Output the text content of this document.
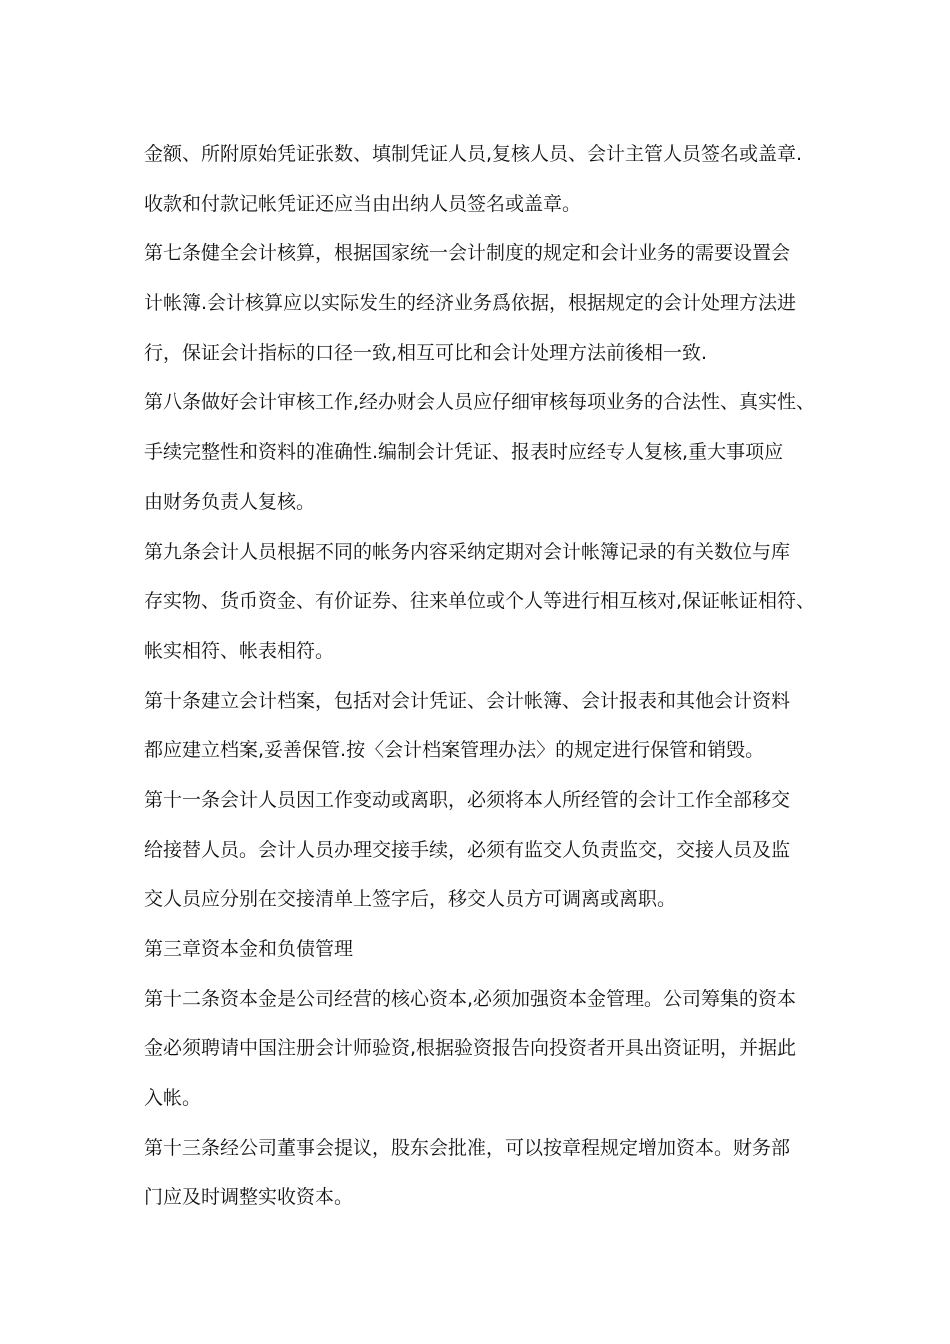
金额、所附原始凭证张数、填制凭证人员,复核人员、会计主管人员签名或盖章.
收款和付款记帐凭证还应当由出纳人员签名或盖章。
第七条健全会计核算，根据国家统一会计制度的规定和会计业务的需要设置会
计帐簿.会计核算应以实际发生的经济业务爲依据，根据规定的会计处理方法进
行，保证会计指标的口径一致,相互可比和会计处理方法前後相一致.
第八条做好会计审核工作,经办财会人员应仔细审核每项业务的合法性、真实性、
手续完整性和资料的准确性.编制会计凭证、报表时应经专人复核,重大事项应
由财务负责人复核。
第九条会计人员根据不同的帐务内容采纳定期对会计帐簿记录的有关数位与库
存实物、货币资金、有价证券、往来单位或个人等进行相互核对,保证帐证相符、
帐实相符、帐表相符。
第十条建立会计档案，包括对会计凭证、会计帐簿、会计报表和其他会计资料
都应建立档案,妥善保管.按〈会计档案管理办法〉的规定进行保管和销毁。
第十一条会计人员因工作变动或离职，必须将本人所经管的会计工作全部移交
给接替人员。会计人员办理交接手续，必须有监交人负责监交，交接人员及监
交人员应分别在交接清单上签字后，移交人员方可调离或离职。
第三章资本金和负债管理
第十二条资本金是公司经营的核心资本,必须加强资本金管理。公司筹集的资本
金必须聘请中国注册会计师验资,根据验资报告向投资者开具出资证明，并据此
入帐。
第十三条经公司董事会提议，股东会批准，可以按章程规定增加资本。财务部
门应及时调整实收资本。
